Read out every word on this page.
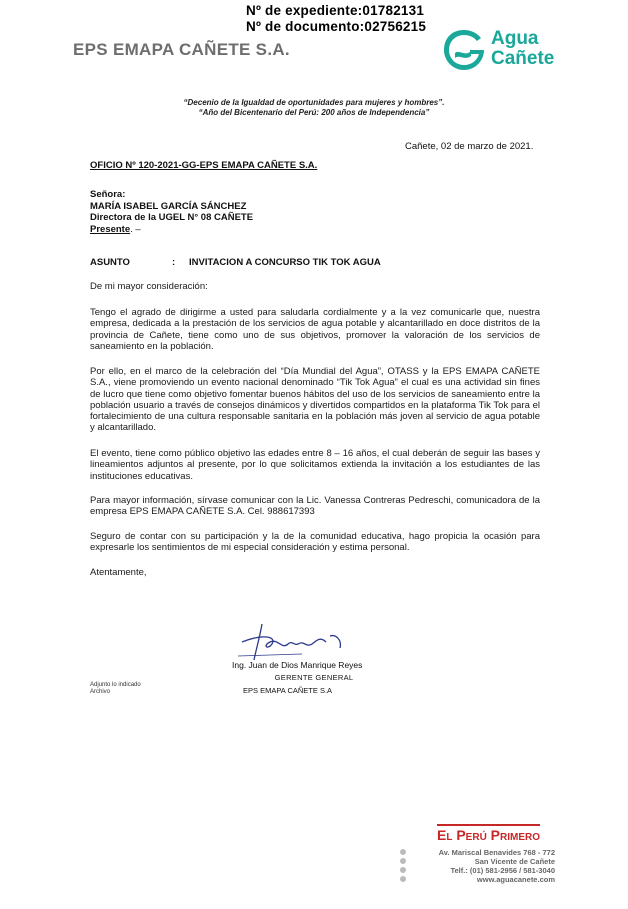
Nº de expediente:01782131
Nº de documento:02756215
EPS EMAPA CAÑETE S.A.
Agua
Cañete
“Decenio de la Igualdad de oportunidades para mujeres y hombres”.
“Año del Bicentenario del Perú: 200 años de Independencia”
Cañete, 02 de marzo de 2021.
OFICIO Nº 120-2021-GG-EPS EMAPA CAÑETE S.A.
Señora:
MARÍA ISABEL GARCÍA SÁNCHEZ
Directora de la UGEL N° 08 CAÑETE
Presente. –
ASUNTO	: INVITACION A CONCURSO TIK TOK AGUA
De mi mayor consideración:
Tengo el agrado de dirigirme a usted para saludarla cordialmente y a la vez comunicarle que, nuestra empresa, dedicada a la prestación de los servicios de agua potable y alcantarillado en doce distritos de la provincia de Cañete, tiene como uno de sus objetivos, promover la valoración de los servicios de saneamiento en la población.
Por ello, en el marco de la celebración del “Día Mundial del Agua”, OTASS y la EPS EMAPA CAÑETE S.A., viene promoviendo un evento nacional denominado “Tik Tok Agua” el cual es una actividad sin fines de lucro que tiene como objetivo fomentar buenos hábitos del uso de los servicios de saneamiento entre la población usuario a través de consejos dinámicos y divertidos compartidos en la plataforma Tik Tok para el fortalecimiento de una cultura responsable sanitaria en la población más joven al servicio de agua potable y alcantarillado.
El evento, tiene como público objetivo las edades entre 8 – 16 años, el cual deberán de seguir las bases y lineamientos adjuntos al presente, por lo que solicitamos extienda la invitación a los estudiantes de las instituciones educativas.
Para mayor información, sírvase comunicar con la Lic. Vanessa Contreras Pedreschi, comunicadora de la empresa EPS EMAPA CAÑETE S.A. Cel. 988617393
Seguro de contar con su participación y la de la comunidad educativa, hago propicia la ocasión para expresarle los sentimientos de mi especial consideración y estima personal.
Atentamente,
Ing. Juan de Dios Manrique Reyes
GERENTE GENERAL
EPS EMAPA CAÑETE S.A
Adjunto lo indicado
Archivo
El Perú Primero
Av. Mariscal Benavides 768 - 772
San Vicente de Cañete
Telf.: (01) 581-2956 / 581-3040
www.aguacanete.com
